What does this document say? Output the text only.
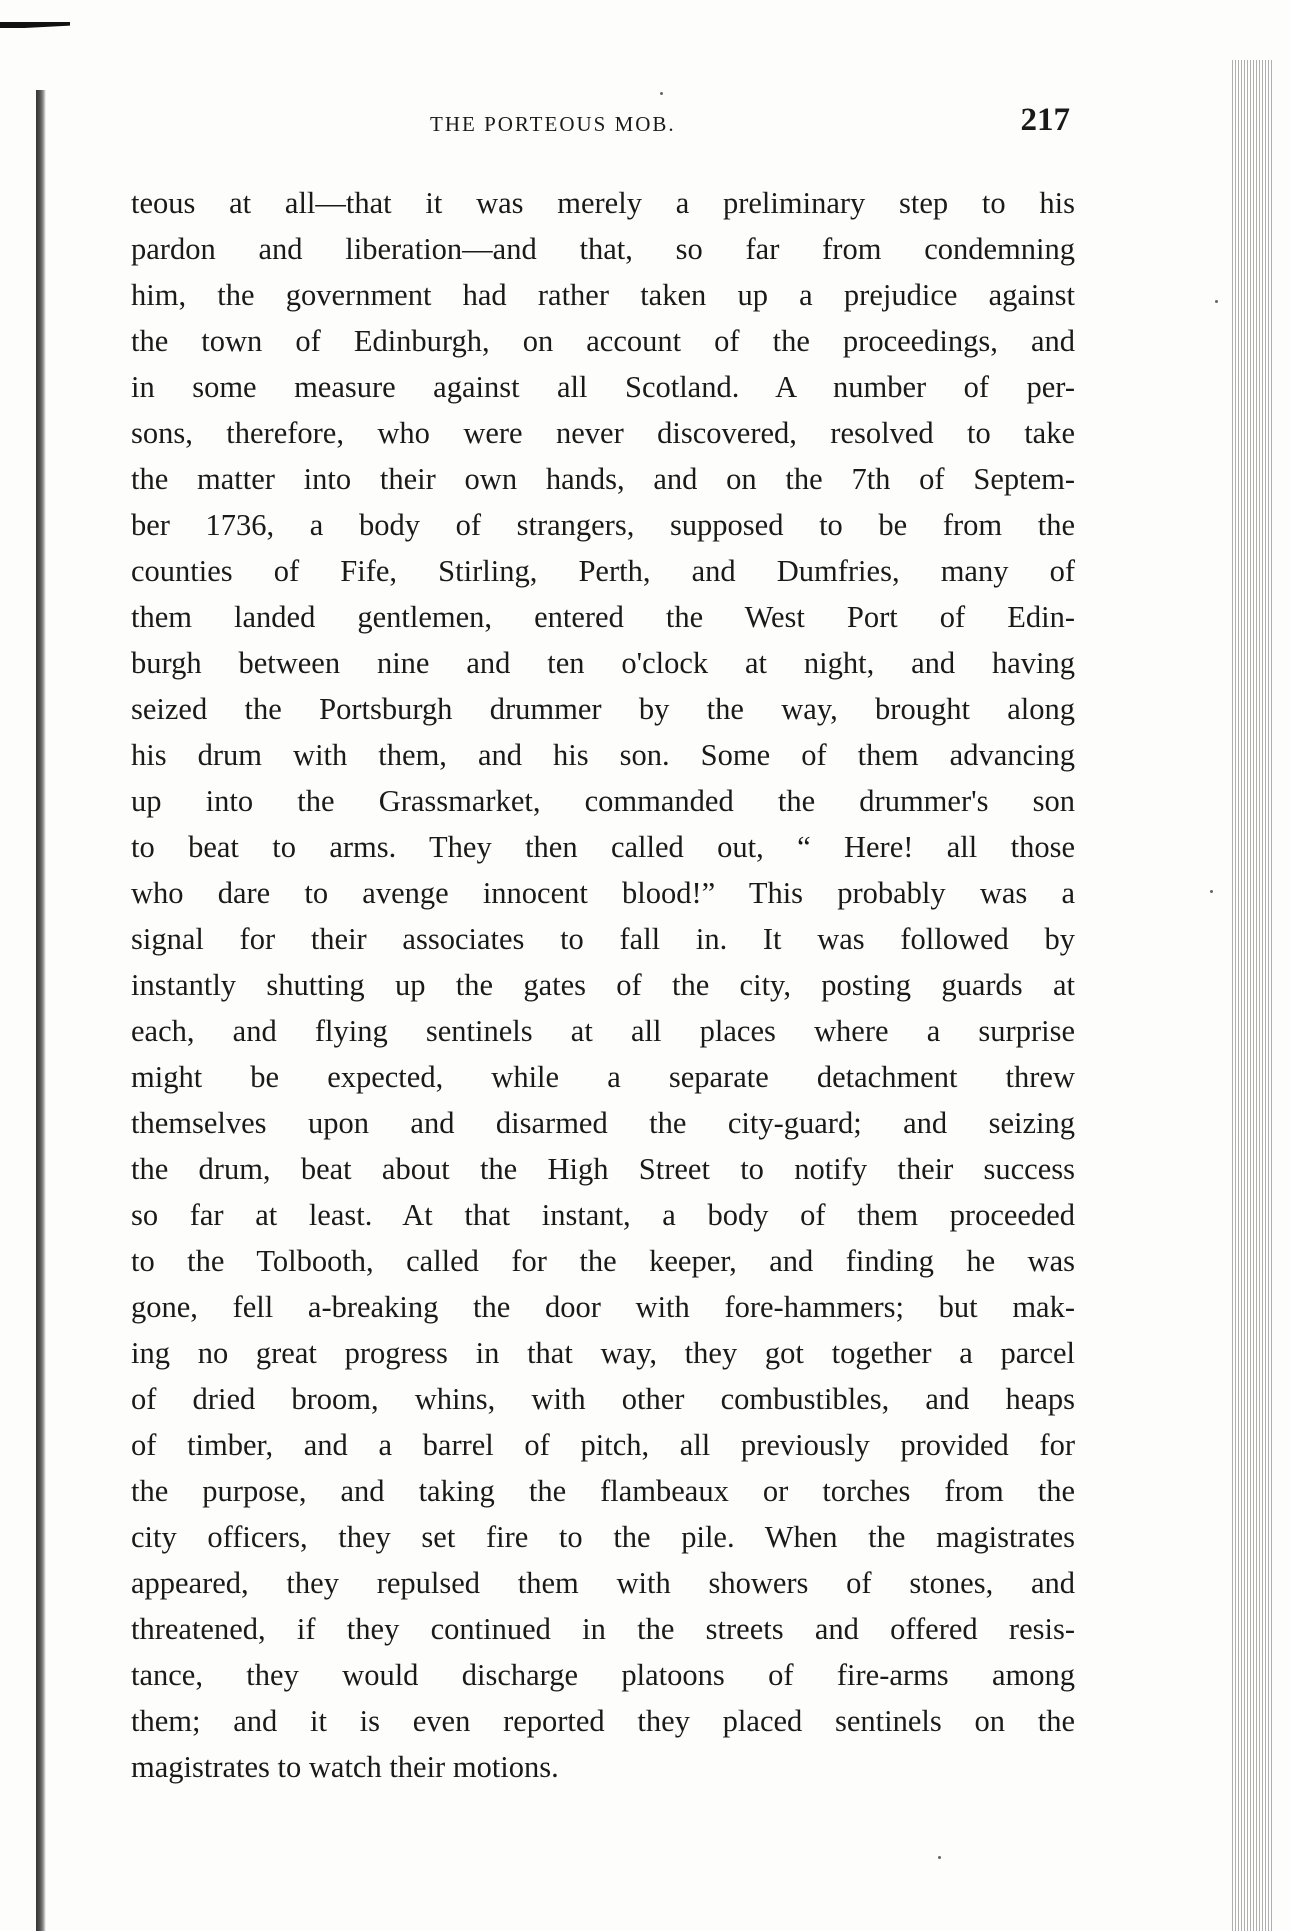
THE PORTEOUS MOB.	217
teous at all—that it was merely a preliminary step to his
pardon and liberation—and that, so far from condemning
him, the government had rather taken up a prejudice against
the town of Edinburgh, on account of the proceedings, and
in some measure against all Scotland. A number of per-
sons, therefore, who were never discovered, resolved to take
the matter into their own hands, and on the 7th of Septem-
ber 1736, a body of strangers, supposed to be from the
counties of Fife, Stirling, Perth, and Dumfries, many of
them landed gentlemen, entered the West Port of Edin-
burgh between nine and ten o'clock at night, and having
seized the Portsburgh drummer by the way, brought along
his drum with them, and his son. Some of them advancing
up into the Grassmarket, commanded the drummer's son
to beat to arms. They then called out, “ Here! all those
who dare to avenge innocent blood!” This probably was a
signal for their associates to fall in. It was followed by
instantly shutting up the gates of the city, posting guards at
each, and flying sentinels at all places where a surprise
might be expected, while a separate detachment threw
themselves upon and disarmed the city-guard; and seizing
the drum, beat about the High Street to notify their success
so far at least. At that instant, a body of them proceeded
to the Tolbooth, called for the keeper, and finding he was
gone, fell a-breaking the door with fore-hammers; but mak-
ing no great progress in that way, they got together a parcel
of dried broom, whins, with other combustibles, and heaps
of timber, and a barrel of pitch, all previously provided for
the purpose, and taking the flambeaux or torches from the
city officers, they set fire to the pile. When the magistrates
appeared, they repulsed them with showers of stones, and
threatened, if they continued in the streets and offered resis-
tance, they would discharge platoons of fire-arms among
them; and it is even reported they placed sentinels on the
magistrates to watch their motions.
